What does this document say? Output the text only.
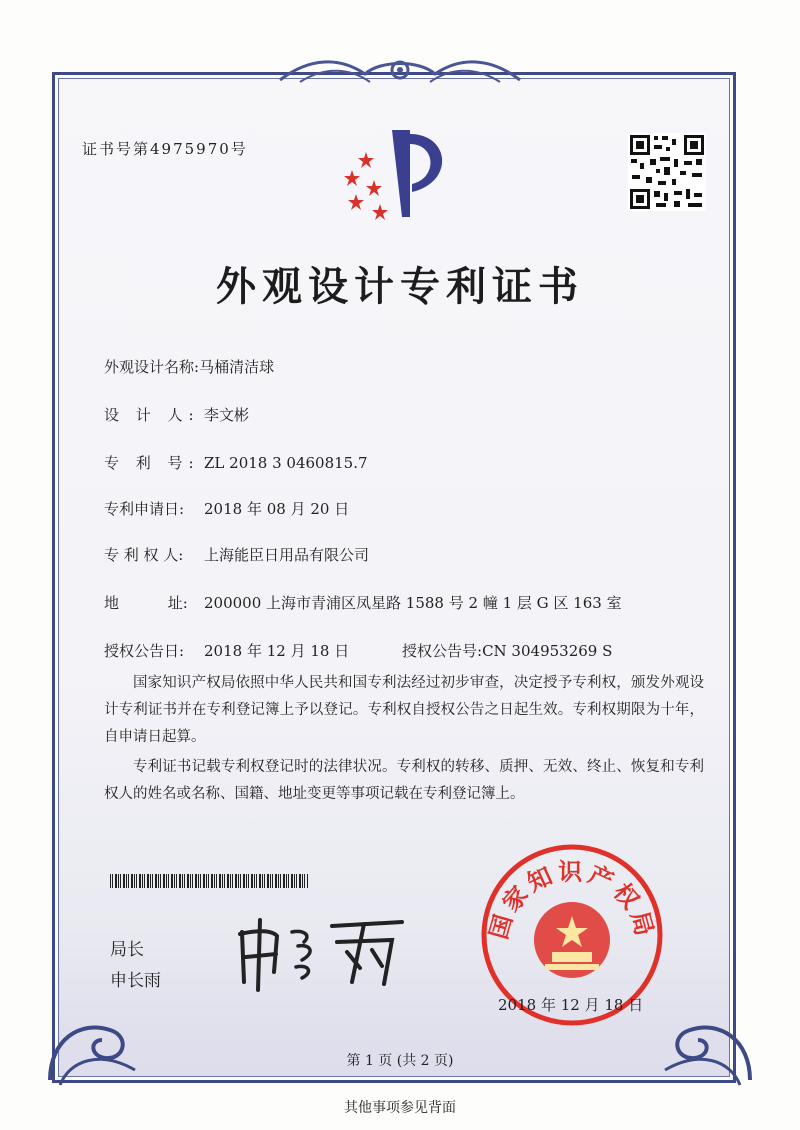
证书号第4975970号
外观设计专利证书
外观设计名称:马桶清洁球
设 计 人: 李文彬
专 利 号: ZL 2018 3 0460815.7
专利申请日: 2018 年 08 月 20 日
专 利 权 人: 上海能臣日用品有限公司
地 址: 200000 上海市青浦区凤星路 1588 号 2 幢 1 层 G 区 163 室
授权公告日: 2018 年 12 月 18 日	授权公告号:CN 304953269 S
国家知识产权局依照中华人民共和国专利法经过初步审查，决定授予专利权，颁发外观设计专利证书并在专利登记簿上予以登记。专利权自授权公告之日起生效。专利权期限为十年，自申请日起算。
专利证书记载专利权登记时的法律状况。专利权的转移、质押、无效、终止、恢复和专利权人的姓名或名称、国籍、地址变更等事项记载在专利登记簿上。
局长
申长雨
国家知识产权局
2018 年 12 月 18 日
第 1 页 (共 2 页)
其他事项参见背面
